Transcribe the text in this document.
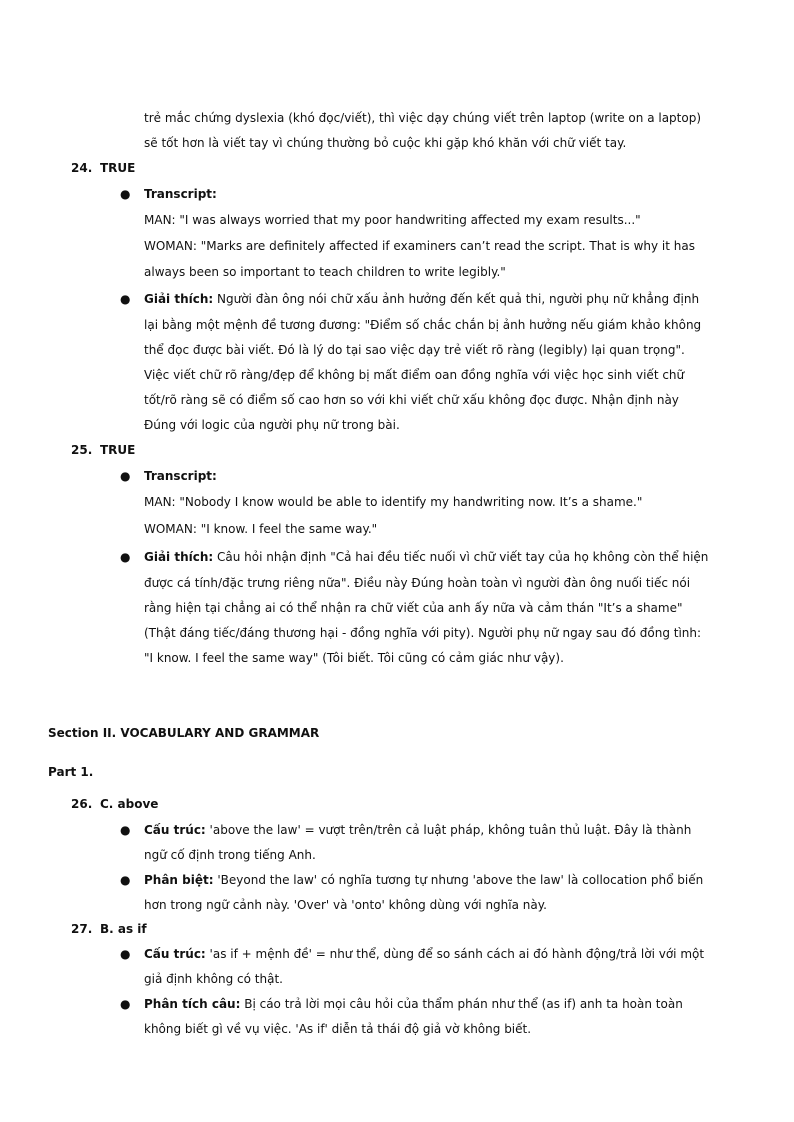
trẻ mắc chứng dyslexia (khó đọc/viết), thì việc dạy chúng viết trên laptop (write on a laptop)
sẽ tốt hơn là viết tay vì chúng thường bỏ cuộc khi gặp khó khăn với chữ viết tay.
24. TRUE
● Transcript:
MAN: "I was always worried that my poor handwriting affected my exam results..."
WOMAN: "Marks are definitely affected if examiners can’t read the script. That is why it has
always been so important to teach children to write legibly."
● Giải thích: Người đàn ông nói chữ xấu ảnh hưởng đến kết quả thi, người phụ nữ khẳng định
lại bằng một mệnh đề tương đương: "Điểm số chắc chắn bị ảnh hưởng nếu giám khảo không
thể đọc được bài viết. Đó là lý do tại sao việc dạy trẻ viết rõ ràng (legibly) lại quan trọng".
Việc viết chữ rõ ràng/đẹp để không bị mất điểm oan đồng nghĩa với việc học sinh viết chữ
tốt/rõ ràng sẽ có điểm số cao hơn so với khi viết chữ xấu không đọc được. Nhận định này
Đúng với logic của người phụ nữ trong bài.
25. TRUE
● Transcript:
MAN: "Nobody I know would be able to identify my handwriting now. It’s a shame."
WOMAN: "I know. I feel the same way."
● Giải thích: Câu hỏi nhận định "Cả hai đều tiếc nuối vì chữ viết tay của họ không còn thể hiện
được cá tính/đặc trưng riêng nữa". Điều này Đúng hoàn toàn vì người đàn ông nuối tiếc nói
rằng hiện tại chẳng ai có thể nhận ra chữ viết của anh ấy nữa và cảm thán "It’s a shame"
(Thật đáng tiếc/đáng thương hại - đồng nghĩa với pity). Người phụ nữ ngay sau đó đồng tình:
"I know. I feel the same way" (Tôi biết. Tôi cũng có cảm giác như vậy).
Section II. VOCABULARY AND GRAMMAR
Part 1.
26. C. above
● Cấu trúc: 'above the law' = vượt trên/trên cả luật pháp, không tuân thủ luật. Đây là thành
ngữ cố định trong tiếng Anh.
● Phân biệt: 'Beyond the law' có nghĩa tương tự nhưng 'above the law' là collocation phổ biến
hơn trong ngữ cảnh này. 'Over' và 'onto' không dùng với nghĩa này.
27. B. as if
● Cấu trúc: 'as if + mệnh đề' = như thể, dùng để so sánh cách ai đó hành động/trả lời với một
giả định không có thật.
● Phân tích câu: Bị cáo trả lời mọi câu hỏi của thẩm phán như thể (as if) anh ta hoàn toàn
không biết gì về vụ việc. 'As if' diễn tả thái độ giả vờ không biết.
